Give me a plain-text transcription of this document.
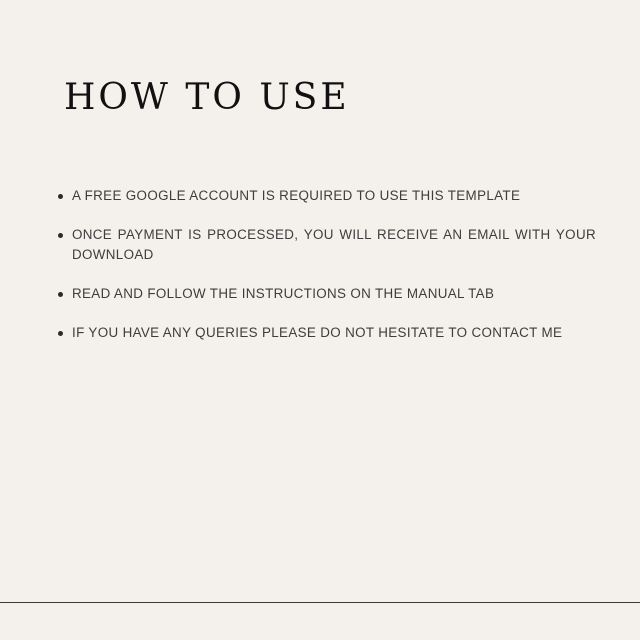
HOW TO USE
A FREE GOOGLE ACCOUNT IS REQUIRED TO USE THIS TEMPLATE
ONCE PAYMENT IS PROCESSED, YOU WILL RECEIVE AN EMAIL WITH YOUR DOWNLOAD
READ AND FOLLOW THE INSTRUCTIONS ON THE MANUAL TAB
IF YOU HAVE ANY QUERIES PLEASE DO NOT HESITATE TO CONTACT ME
